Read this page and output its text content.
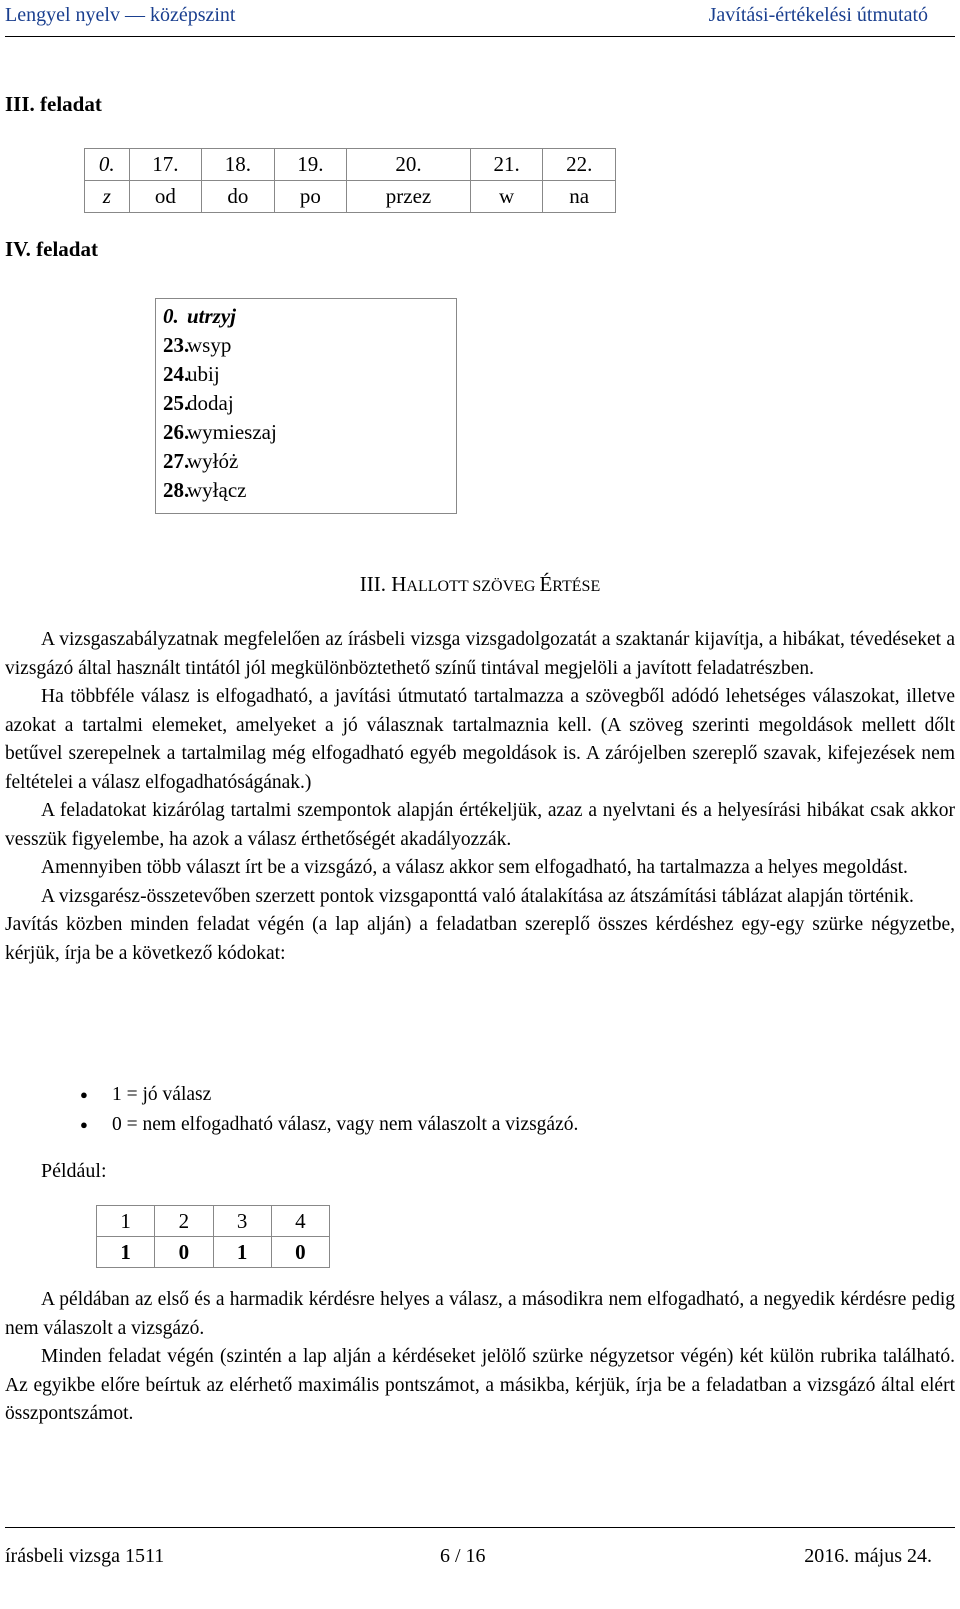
Lengyel nyelv — középszint	Javítási-értékelési útmutató
III. feladat
0.	17.	18.	19.	20.	21.	22.
z	od	do	po	przez	w	na
IV. feladat
0. utrzyj
23.
wsyp
24.
ubij
25.
dodaj
26.
wymieszaj
27.
wyłóż
28.
wyłącz
III. HALLOTT SZÖVEG ÉRTÉSE
A vizsgaszabályzatnak megfelelően az írásbeli vizsga vizsgadolgozatát a szaktanár kijavítja, a hibákat, tévedéseket a vizsgázó által használt tintától jól megkülönböztethető színű tintával megjelöli a javított feladatrészben.
Ha többféle válasz is elfogadható, a javítási útmutató tartalmazza a szövegből adódó lehetséges válaszokat, illetve azokat a tartalmi elemeket, amelyeket a jó válasznak tartalmaznia kell. (A szöveg szerinti megoldások mellett dőlt betűvel szerepelnek a tartalmilag még elfogadható egyéb megoldások is. A zárójelben szereplő szavak, kifejezések nem feltételei a válasz elfogadhatóságának.)
A feladatokat kizárólag tartalmi szempontok alapján értékeljük, azaz a nyelvtani és a helyesírási hibákat csak akkor vesszük figyelembe, ha azok a válasz érthetőségét akadályozzák.
Amennyiben több választ írt be a vizsgázó, a válasz akkor sem elfogadható, ha tartalmazza a helyes megoldást.
A vizsgarész-összetevőben szerzett pontok vizsgaponttá való átalakítása az átszámítási táblázat alapján történik.
Javítás közben minden feladat végén (a lap alján) a feladatban szereplő összes kérdéshez egy-egy szürke négyzetbe, kérjük, írja be a következő kódokat:
● 1 = jó válasz
● 0 = nem elfogadható válasz, vagy nem válaszolt a vizsgázó.
Például:
1	2	3	4
1	0	1	0
A példában az első és a harmadik kérdésre helyes a válasz, a másodikra nem elfogadható, a negyedik kérdésre pedig nem válaszolt a vizsgázó.
Minden feladat végén (szintén a lap alján a kérdéseket jelölő szürke négyzetsor végén) két külön rubrika található. Az egyikbe előre beírtuk az elérhető maximális pontszámot, a másikba, kérjük, írja be a feladatban a vizsgázó által elért összpontszámot.
írásbeli vizsga 1511	6 / 16	2016. május 24.
